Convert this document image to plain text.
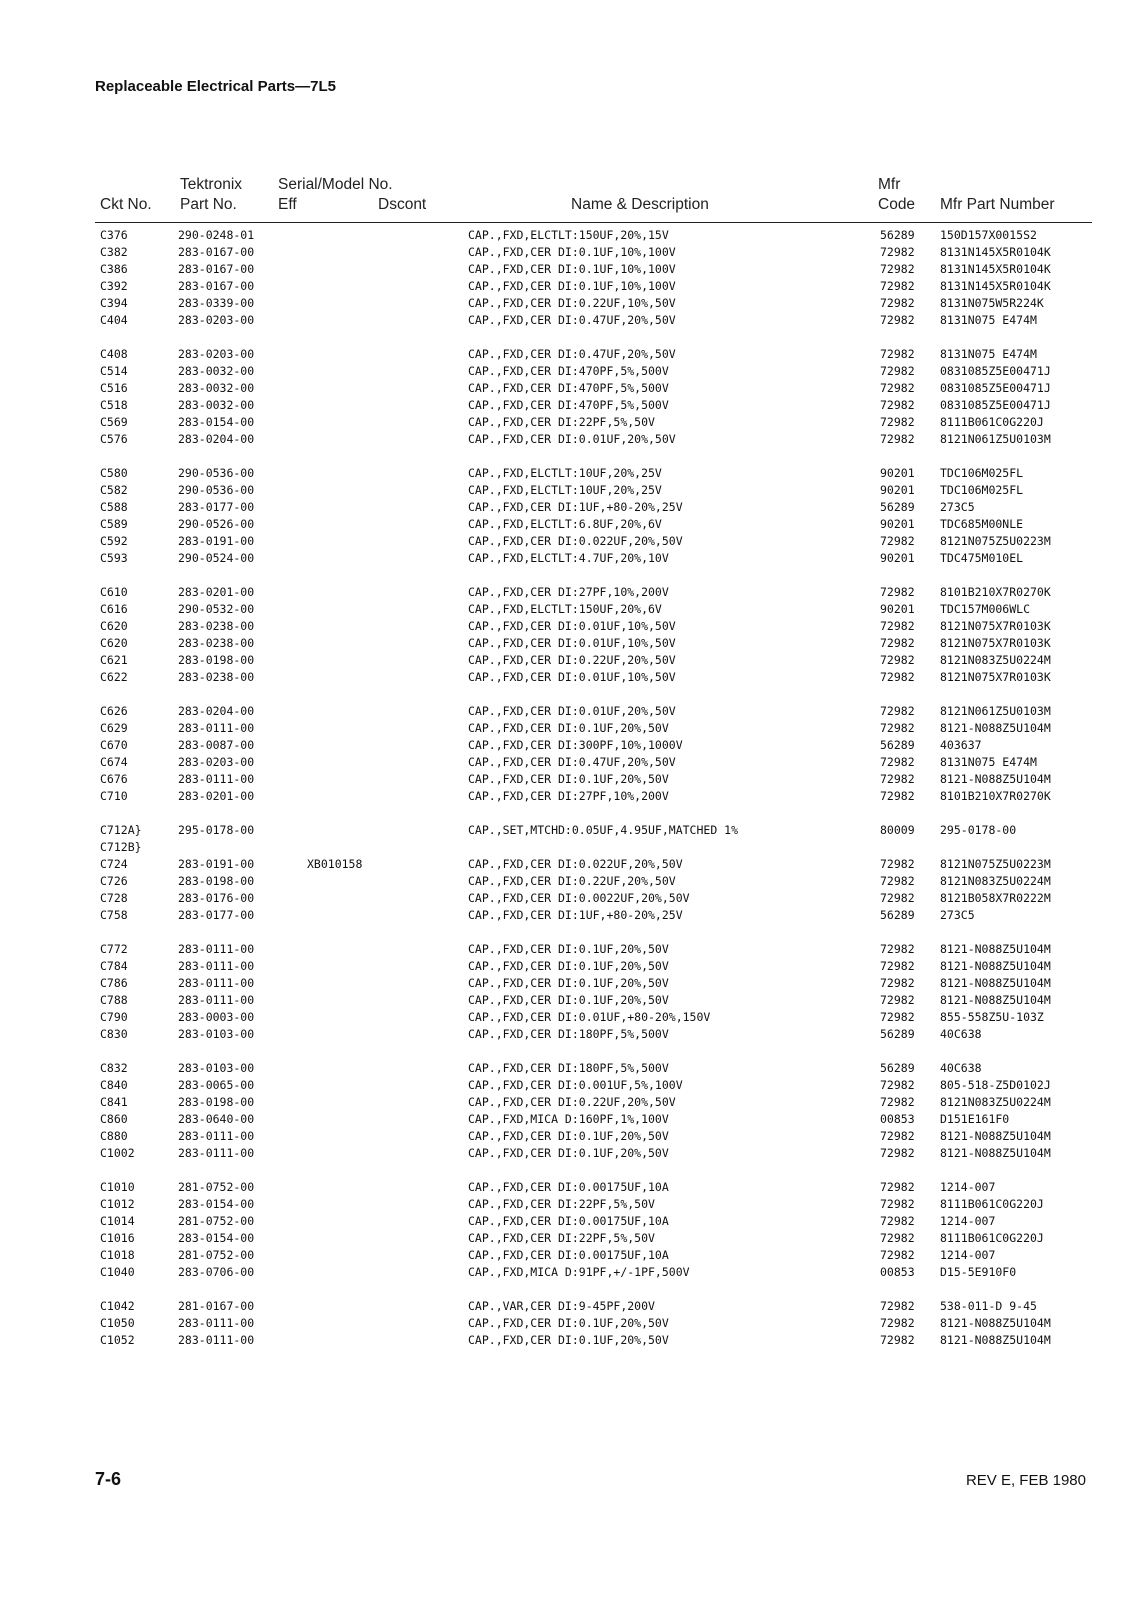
Replaceable Electrical Parts—7L5
Ckt No.
Tektronix
Part No.
Serial/Model No.
Eff	Dscont	Name & Description
Mfr
Code Mfr Part Number
C376	290-0248-01	CAP.,FXD,ELCTLT:150UF,20%,15V	56289 150D157X0015S2
C382	283-0167-00	CAP.,FXD,CER DI:0.1UF,10%,100V	72982 8131N145X5R0104K
C386	283-0167-00	CAP.,FXD,CER DI:0.1UF,10%,100V	72982 8131N145X5R0104K
C392	283-0167-00	CAP.,FXD,CER DI:0.1UF,10%,100V	72982 8131N145X5R0104K
C394	283-0339-00	CAP.,FXD,CER DI:0.22UF,10%,50V	72982 8131N075W5R224K
C404	283-0203-00	CAP.,FXD,CER DI:0.47UF,20%,50V	72982 8131N075 E474M
C408	283-0203-00	CAP.,FXD,CER DI:0.47UF,20%,50V	72982 8131N075 E474M
C514	283-0032-00	CAP.,FXD,CER DI:470PF,5%,500V	72982 0831085Z5E00471J
C516	283-0032-00	CAP.,FXD,CER DI:470PF,5%,500V	72982 0831085Z5E00471J
C518	283-0032-00	CAP.,FXD,CER DI:470PF,5%,500V	72982 0831085Z5E00471J
C569	283-0154-00	CAP.,FXD,CER DI:22PF,5%,50V	72982 8111B061C0G220J
C576	283-0204-00	CAP.,FXD,CER DI:0.01UF,20%,50V	72982 8121N061Z5U0103M
C580	290-0536-00	CAP.,FXD,ELCTLT:10UF,20%,25V	90201 TDC106M025FL
C582	290-0536-00	CAP.,FXD,ELCTLT:10UF,20%,25V	90201 TDC106M025FL
C588	283-0177-00	CAP.,FXD,CER DI:1UF,+80-20%,25V	56289 273C5
C589	290-0526-00	CAP.,FXD,ELCTLT:6.8UF,20%,6V	90201 TDC685M00NLE
C592	283-0191-00	CAP.,FXD,CER DI:0.022UF,20%,50V	72982 8121N075Z5U0223M
C593	290-0524-00	CAP.,FXD,ELCTLT:4.7UF,20%,10V	90201 TDC475M010EL
C610	283-0201-00	CAP.,FXD,CER DI:27PF,10%,200V	72982 8101B210X7R0270K
C616	290-0532-00	CAP.,FXD,ELCTLT:150UF,20%,6V	90201 TDC157M006WLC
C620	283-0238-00	CAP.,FXD,CER DI:0.01UF,10%,50V	72982 8121N075X7R0103K
C620	283-0238-00	CAP.,FXD,CER DI:0.01UF,10%,50V	72982 8121N075X7R0103K
C621	283-0198-00	CAP.,FXD,CER DI:0.22UF,20%,50V	72982 8121N083Z5U0224M
C622	283-0238-00	CAP.,FXD,CER DI:0.01UF,10%,50V	72982 8121N075X7R0103K
C626	283-0204-00	CAP.,FXD,CER DI:0.01UF,20%,50V	72982 8121N061Z5U0103M
C629	283-0111-00	CAP.,FXD,CER DI:0.1UF,20%,50V	72982 8121-N088Z5U104M
C670	283-0087-00	CAP.,FXD,CER DI:300PF,10%,1000V	56289 403637
C674	283-0203-00	CAP.,FXD,CER DI:0.47UF,20%,50V	72982 8131N075 E474M
C676	283-0111-00	CAP.,FXD,CER DI:0.1UF,20%,50V	72982 8121-N088Z5U104M
C710	283-0201-00	CAP.,FXD,CER DI:27PF,10%,200V	72982 8101B210X7R0270K
C712A}	295-0178-00	CAP.,SET,MTCHD:0.05UF,4.95UF,MATCHED 1%	80009 295-0178-00
C712B}
C724	283-0191-00	XB010158	CAP.,FXD,CER DI:0.022UF,20%,50V	72982 8121N075Z5U0223M
C726	283-0198-00	CAP.,FXD,CER DI:0.22UF,20%,50V	72982 8121N083Z5U0224M
C728	283-0176-00	CAP.,FXD,CER DI:0.0022UF,20%,50V	72982 8121B058X7R0222M
C758	283-0177-00	CAP.,FXD,CER DI:1UF,+80-20%,25V	56289 273C5
C772	283-0111-00	CAP.,FXD,CER DI:0.1UF,20%,50V	72982 8121-N088Z5U104M
C784	283-0111-00	CAP.,FXD,CER DI:0.1UF,20%,50V	72982 8121-N088Z5U104M
C786	283-0111-00	CAP.,FXD,CER DI:0.1UF,20%,50V	72982 8121-N088Z5U104M
C788	283-0111-00	CAP.,FXD,CER DI:0.1UF,20%,50V	72982 8121-N088Z5U104M
C790	283-0003-00	CAP.,FXD,CER DI:0.01UF,+80-20%,150V	72982 855-558Z5U-103Z
C830	283-0103-00	CAP.,FXD,CER DI:180PF,5%,500V	56289 40C638
C832	283-0103-00	CAP.,FXD,CER DI:180PF,5%,500V	56289 40C638
C840	283-0065-00	CAP.,FXD,CER DI:0.001UF,5%,100V	72982 805-518-Z5D0102J
C841	283-0198-00	CAP.,FXD,CER DI:0.22UF,20%,50V	72982 8121N083Z5U0224M
C860	283-0640-00	CAP.,FXD,MICA D:160PF,1%,100V	00853 D151E161F0
C880	283-0111-00	CAP.,FXD,CER DI:0.1UF,20%,50V	72982 8121-N088Z5U104M
C1002	283-0111-00	CAP.,FXD,CER DI:0.1UF,20%,50V	72982 8121-N088Z5U104M
C1010	281-0752-00	CAP.,FXD,CER DI:0.00175UF,10A	72982 1214-007
C1012	283-0154-00	CAP.,FXD,CER DI:22PF,5%,50V	72982 8111B061C0G220J
C1014	281-0752-00	CAP.,FXD,CER DI:0.00175UF,10A	72982 1214-007
C1016	283-0154-00	CAP.,FXD,CER DI:22PF,5%,50V	72982 8111B061C0G220J
C1018	281-0752-00	CAP.,FXD,CER DI:0.00175UF,10A	72982 1214-007
C1040	283-0706-00	CAP.,FXD,MICA D:91PF,+/-1PF,500V	00853 D15-5E910F0
C1042	281-0167-00	CAP.,VAR,CER DI:9-45PF,200V	72982 538-011-D 9-45
C1050	283-0111-00	CAP.,FXD,CER DI:0.1UF,20%,50V	72982 8121-N088Z5U104M
C1052	283-0111-00	CAP.,FXD,CER DI:0.1UF,20%,50V	72982 8121-N088Z5U104M
7-6	REV E, FEB 1980
